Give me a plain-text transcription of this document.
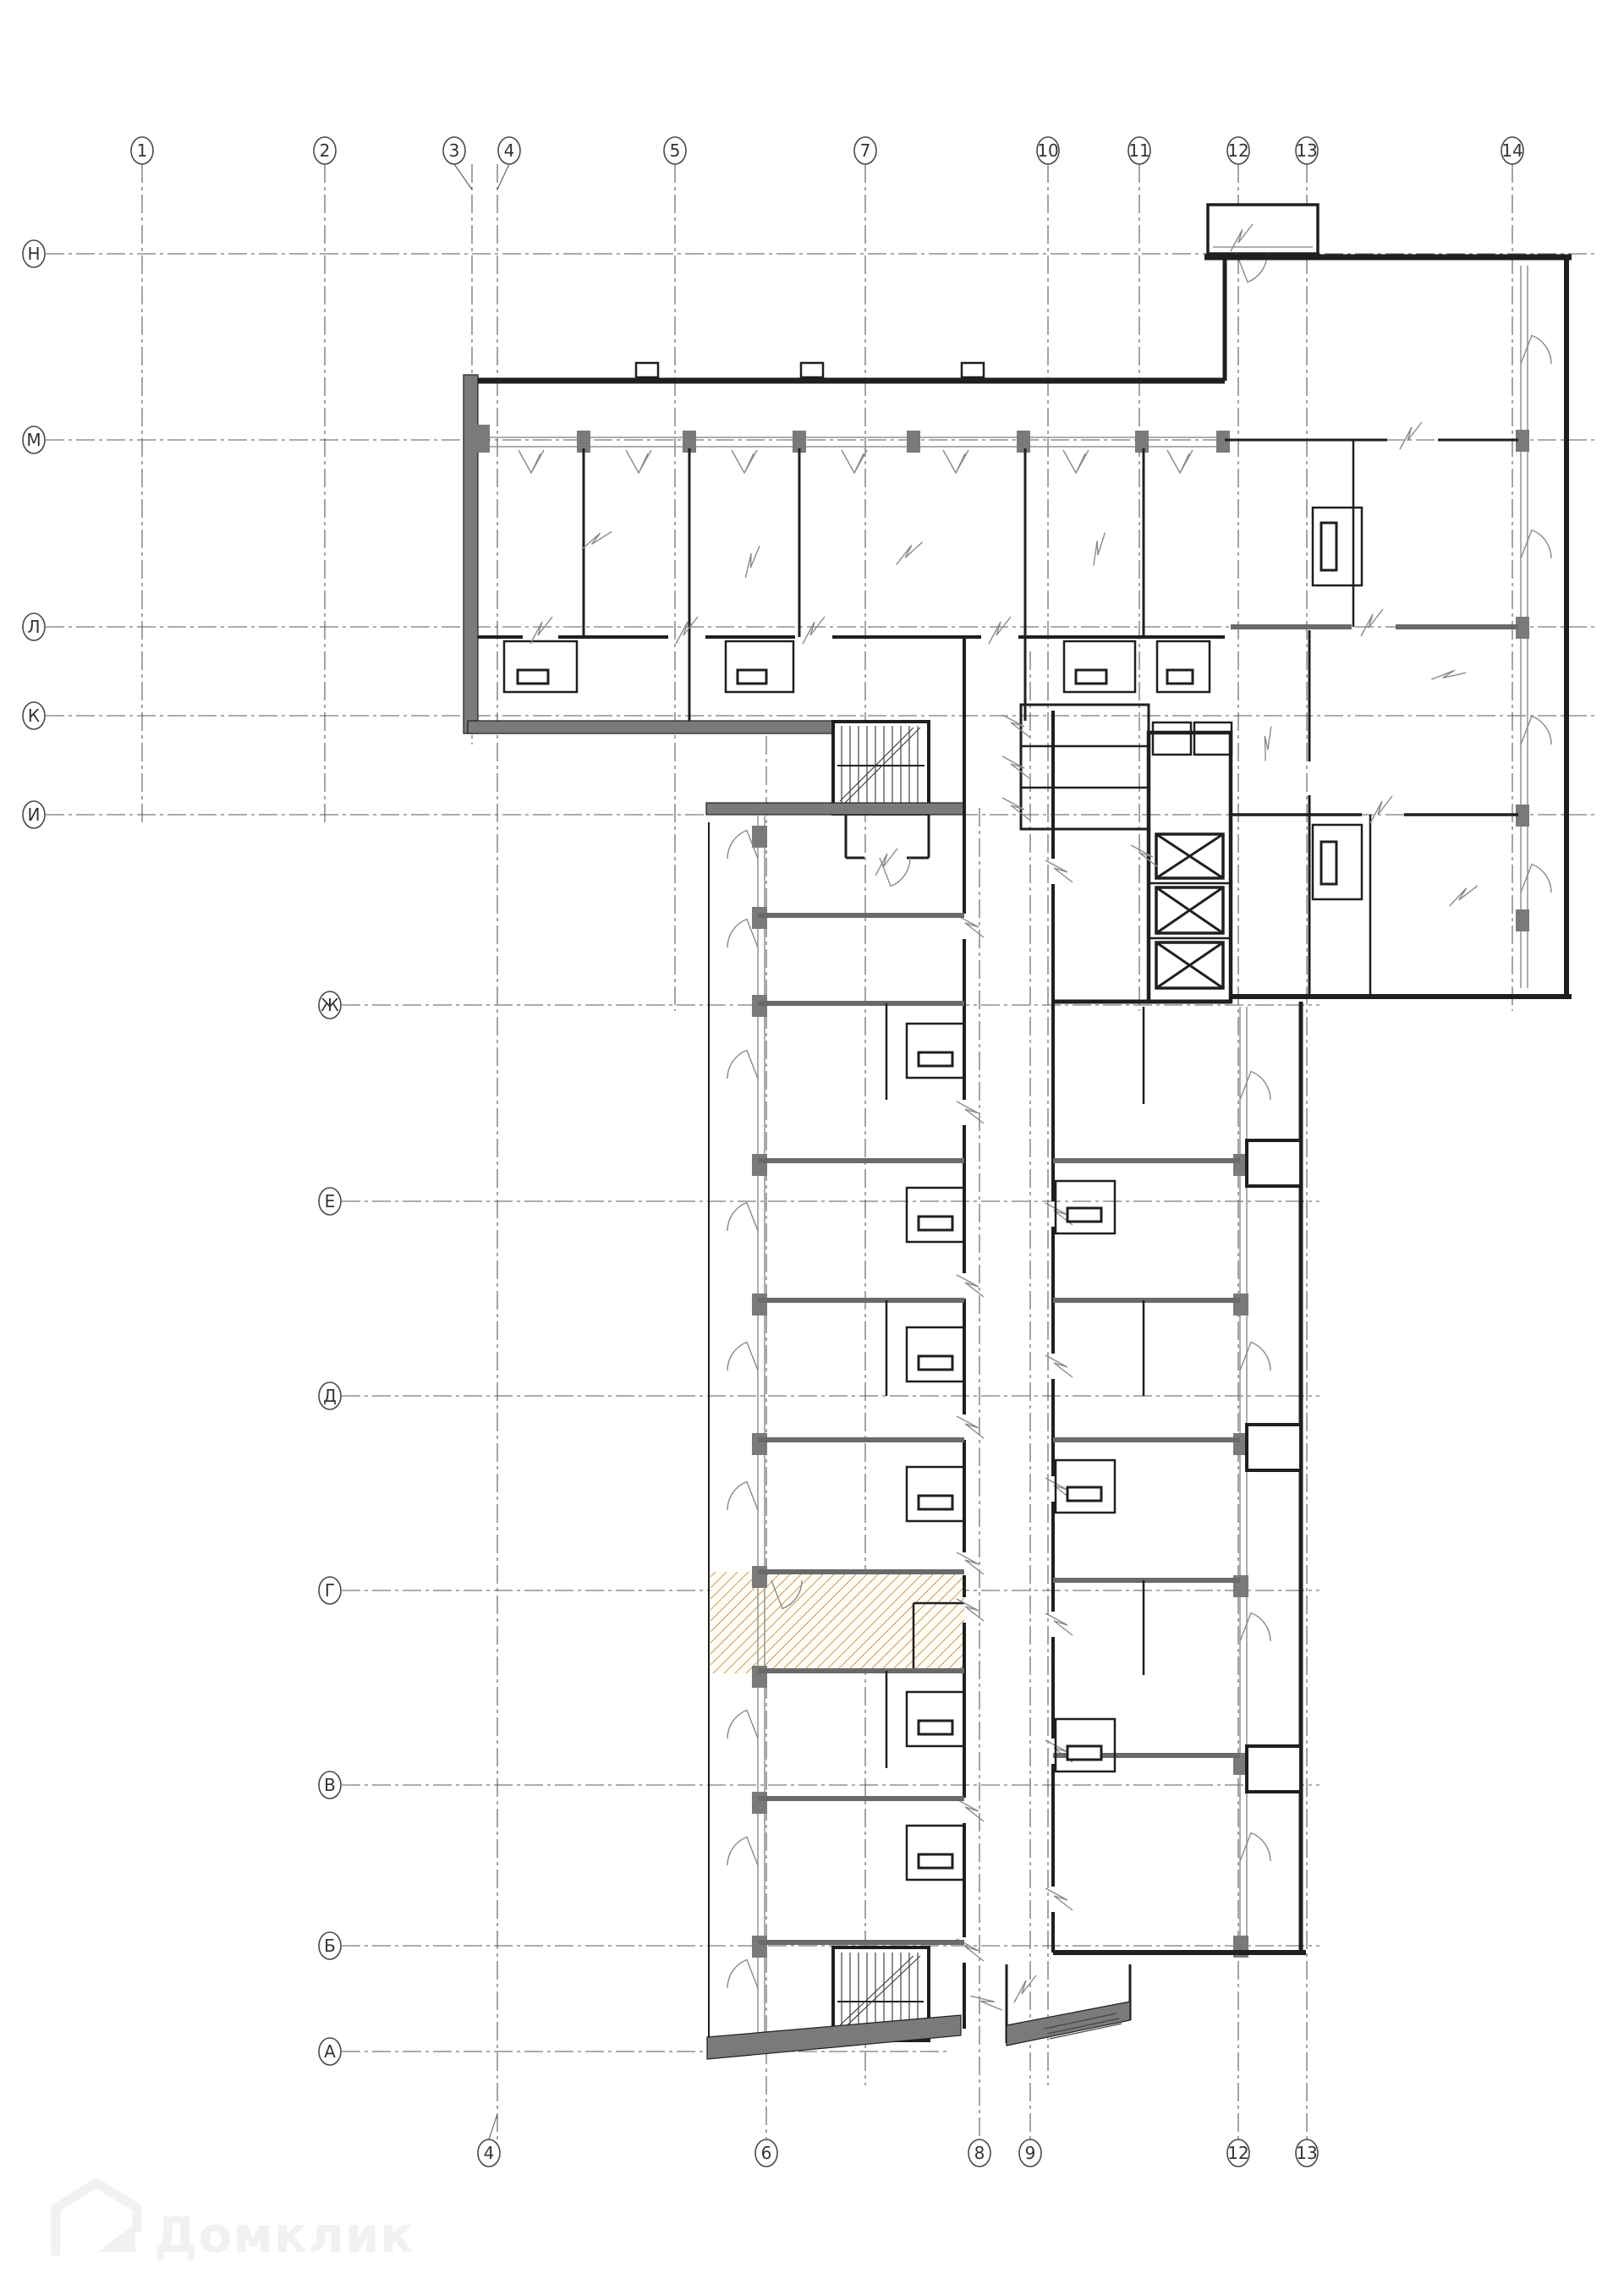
1	2	3	4
4
5
6
7
8 9
10	11	12
12
13
13
14
Н
М
Л
К
И
Ж
Е
Д
Г
В
Б
А
Домклик
